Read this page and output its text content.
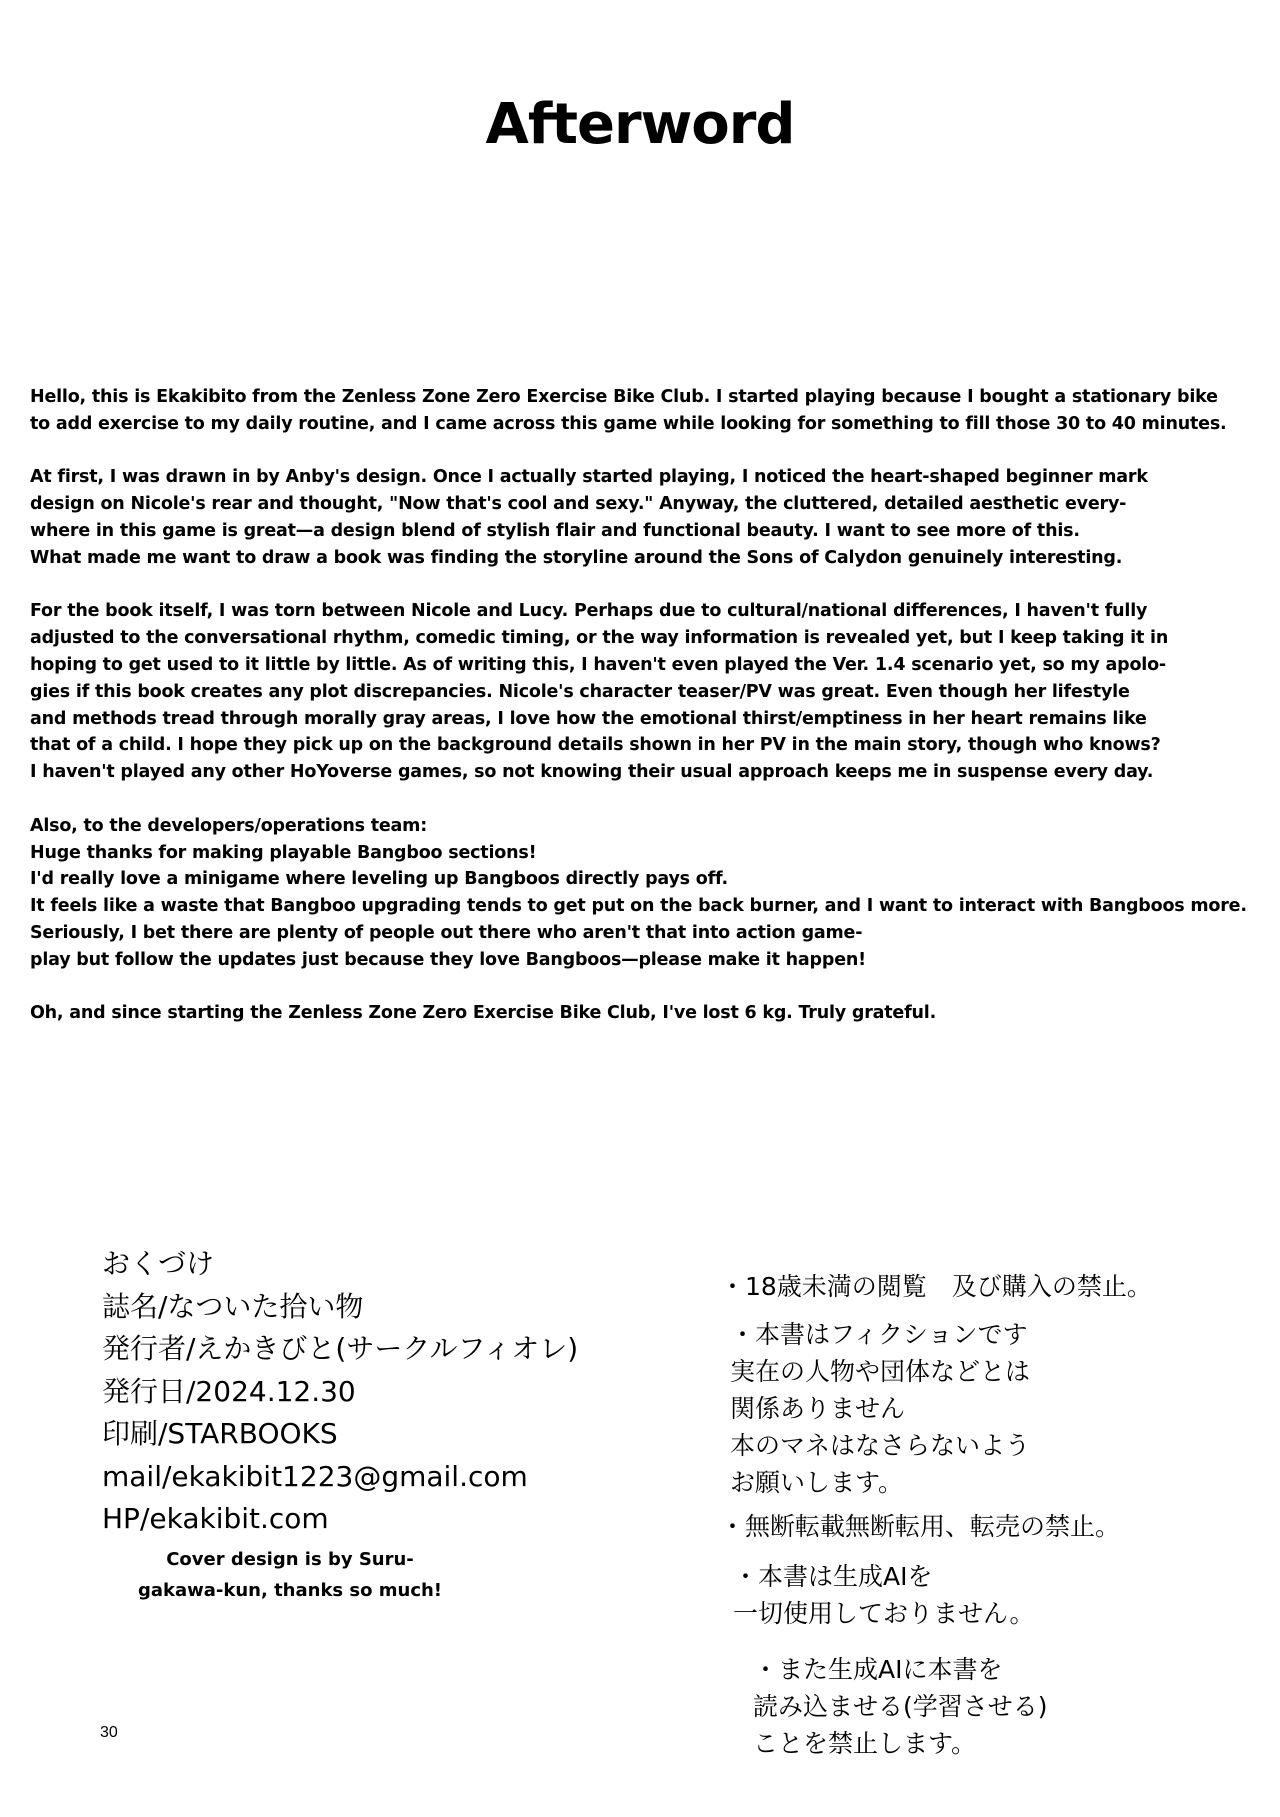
Afterword

Hello, this is Ekakibito from the Zenless Zone Zero Exercise Bike Club. I started playing because I bought a stationary bike
to add exercise to my daily routine, and I came across this game while looking for something to fill those 30 to 40 minutes.

At first, I was drawn in by Anby's design. Once I actually started playing, I noticed the heart-shaped beginner mark
design on Nicole's rear and thought, "Now that's cool and sexy." Anyway, the cluttered, detailed aesthetic every-
where in this game is great—a design blend of stylish flair and functional beauty. I want to see more of this.
What made me want to draw a book was finding the storyline around the Sons of Calydon genuinely interesting.

For the book itself, I was torn between Nicole and Lucy. Perhaps due to cultural/national differences, I haven't fully
adjusted to the conversational rhythm, comedic timing, or the way information is revealed yet, but I keep taking it in
hoping to get used to it little by little. As of writing this, I haven't even played the Ver. 1.4 scenario yet, so my apolo-
gies if this book creates any plot discrepancies. Nicole's character teaser/PV was great. Even though her lifestyle
and methods tread through morally gray areas, I love how the emotional thirst/emptiness in her heart remains like
that of a child. I hope they pick up on the background details shown in her PV in the main story, though who knows?
I haven't played any other HoYoverse games, so not knowing their usual approach keeps me in suspense every day.

Also, to the developers/operations team:
Huge thanks for making playable Bangboo sections!
I'd really love a minigame where leveling up Bangboos directly pays off.
It feels like a waste that Bangboo upgrading tends to get put on the back burner, and I want to interact with Bangboos more.
Seriously, I bet there are plenty of people out there who aren't that into action game-
play but follow the updates just because they love Bangboos—please make it happen!

Oh, and since starting the Zenless Zone Zero Exercise Bike Club, I've lost 6 kg. Truly grateful.

おくづけ
誌名/なついた拾い物
発行者/えかきびと(サークルフィオレ)
発行日/2024.12.30
印刷/STARBOOKS
mail/ekakibit1223@gmail.com
HP/ekakibit.com
Cover design is by Suru-
gakawa-kun, thanks so much!
・18歳未満の閲覧　及び購入の禁止。
・本書はフィクションです
実在の人物や団体などとは
関係ありません
本のマネはなさらないよう
お願いします。
・無断転載無断転用、転売の禁止。
・本書は生成AIを
一切使用しておりません。
・また生成AIに本書を
読み込ませる(学習させる)
ことを禁止します。
30
